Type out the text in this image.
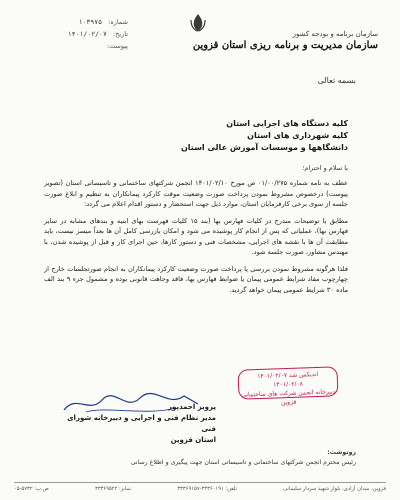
شماره:
۱۰۳۹۷۵
تاریخ:
۱۴۰۱/۰۲/۰۷
پیوست:
سازمان برنامه و بودجه کشور
سازمان مدیریت و برنامه ریزی استان قزوین
بسمه تعالی
کلیه دستگاه های اجرایی استان
کلیه شهرداری های استان
دانشگاهها و موسسات آموزش عالی استان
با سلام و احترام؛

عطف به نامه شماره ۰۱/۰۰/۲۷۵ ص مورخ ۱۴۰۱/۰۲/۱۰ انجمن شرکتهای ساختمانی و تاسیساتی استان (تصویر پیوست) درخصوص مشروط نمودن پرداخت صورت وضعیت موقت کارکرد پیمانکاران به تنظیم و ابلاغ صورت جلسه از سوی برخی کارفرمایان استان، موارد ذیل جهت استحضار و دستور اقدام اعلام می گردد:

مطابق با توضیحات مندرج در کلیات فهارس بها (بند ۱۵ کلیات فهرست بهای ابنیه و بندهای مشابه در سایر فهارس بها)، عملیاتی که پس از انجام کار پوشیده می شود و امکان بازرسی کامل آن ها بعداً میسر نیست، باید مطابقت آن ها با نقشه های اجرایی، مشخصات فنی و دستور کارها، حین اجرای کار و قبل از پوشیده شدن، با مهندس مشاور، صورت جلسه شود.

فلذا هرگونه مشروط نمودن بررسی یا پرداخت صورت وضعیت کارکرد پیمانکاران به انجام صورتجلسات خارج از چهارچوب مفاد شرایط عمومی پیمان یا ضوابط فهارس بها، فاقد وجاهت قانونی بوده و مشمول جزء ۹ بند الف ماده ۳۰ شرایط عمومی پیمان خواهد گردید.

اندیکس شد ۱۴۰۱/۰۲/۰۷
۱۴۰۱/۰۲/۰۸
دبیرخانه انجمن شرکت های ساختمانی قزوین
پرویز احمدپور
مدیر نظام فنی و اجرایی و دبیرخانه شورای فنی
استان قزوین
رونوشت:
رئیس محترم انجمن شرکتهای ساختمانی و تاسیساتی استان جهت پیگیری و اطلاع رسانی
قزوین، میدان آزادی، بلوار شهید سردار سلیمانی
تلفن: ۳۳۳۶۰۱۹۱-۳۳۳۶۹۱۵۷
نمابر: ۳۳۳۶۹۵۲۲
ص.پ: ۵۷۳۲-۰۵
